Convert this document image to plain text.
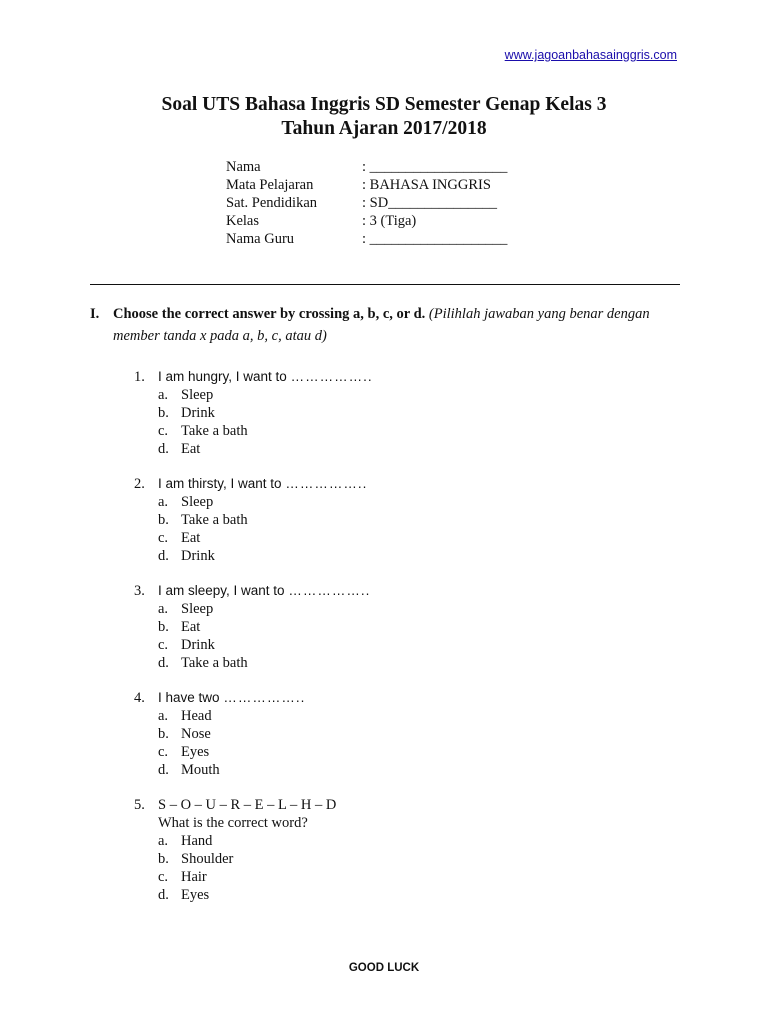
www.jagoanbahasainggris.com
Soal UTS Bahasa Inggris SD Semester Genap Kelas 3
Tahun Ajaran 2017/2018
Nama	: ___________________
Mata Pelajaran	: BAHASA INGGRIS
Sat. Pendidikan	: SD_______________
Kelas	: 3 (Tiga)
Nama Guru	: ___________________
I. Choose the correct answer by crossing a, b, c, or d. (Pilihlah jawaban yang benar dengan member tanda x pada a, b, c, atau d)
1. I am hungry, I want to ……………..
a. Sleep
b. Drink
c. Take a bath
d. Eat
2. I am thirsty, I want to ……………..
a. Sleep
b. Take a bath
c. Eat
d. Drink
3. I am sleepy, I want to ……………..
a. Sleep
b. Eat
c. Drink
d. Take a bath
4. I have two ……………..
a. Head
b. Nose
c. Eyes
d. Mouth
5. S – O – U – R – E – L – H – D
What is the correct word?
a. Hand
b. Shoulder
c. Hair
d. Eyes
GOOD LUCK
